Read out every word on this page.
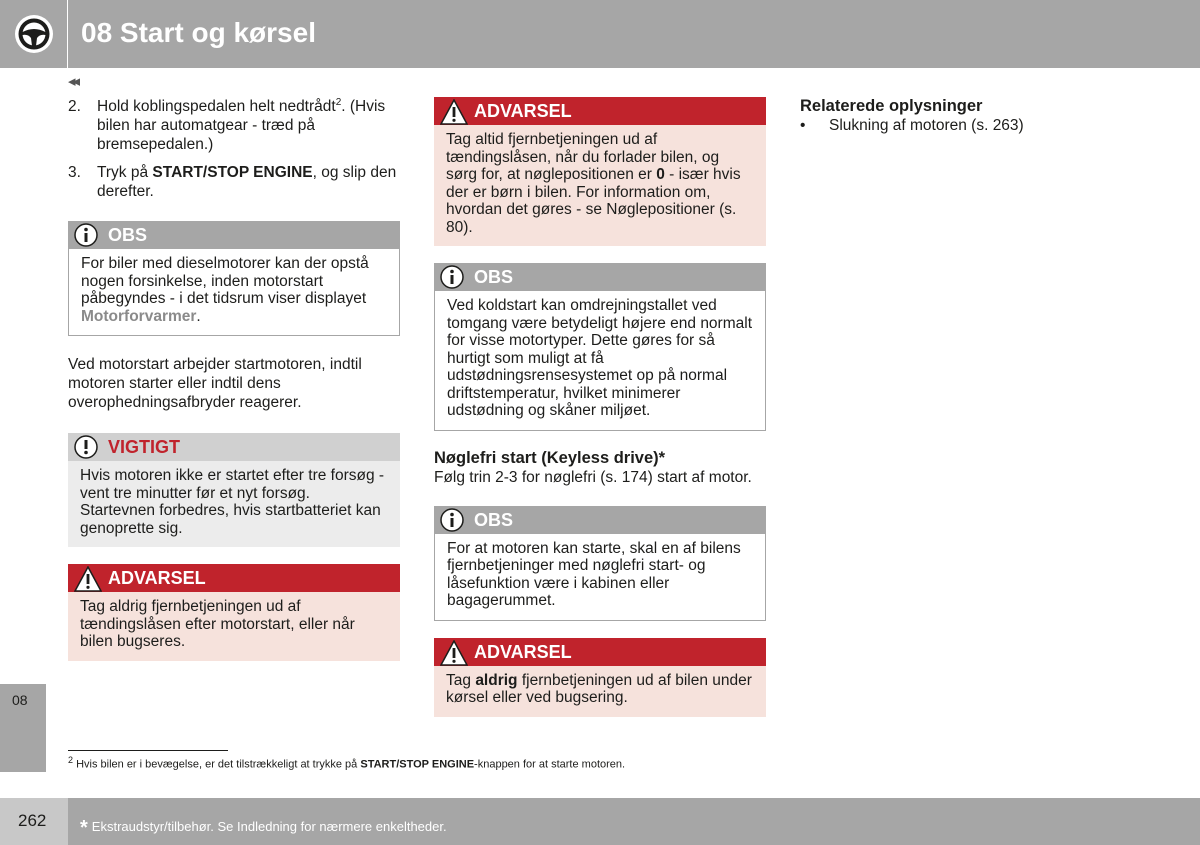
08 Start og kørsel
◂◂
08
2. Hold koblingspedalen helt nedtrådt$^2$. (Hvis bilen har automatgear - træd på bremsepedalen.)
3. Tryk på START/STOP ENGINE, og slip den derefter.
OBS
For biler med dieselmotorer kan der opstå nogen forsinkelse, inden motorstart påbegyndes - i det tidsrum viser displayet Motorforvarmer.

Ved motorstart arbejder startmotoren, indtil motoren starter eller indtil dens overophedningsafbryder reagerer.

VIGTIGT
Hvis motoren ikke er startet efter tre forsøg - vent tre minutter før et nyt forsøg. Startevnen forbedres, hvis startbatteriet kan genoprette sig.
ADVARSEL
Tag aldrig fjernbetjeningen ud af tændingslåsen efter motorstart, eller når bilen bugseres.
ADVARSEL
Tag altid fjernbetjeningen ud af tændingslåsen, når du forlader bilen, og sørg for, at nøglepositionen er 0 - især hvis der er børn i bilen. For information om, hvordan det gøres - se Nøglepositioner (s. 80).
OBS
Ved koldstart kan omdrejningstallet ved tomgang være betydeligt højere end normalt for visse motortyper. Dette gøres for så hurtigt som muligt at få udstødningsrensesystemet op på normal driftstemperatur, hvilket minimerer udstødning og skåner miljøet.
Nøglefri start (Keyless drive)*

Følg trin 2-3 for nøglefri (s. 174) start af motor.

OBS
For at motoren kan starte, skal en af bilens fjernbetjeninger med nøglefri start- og låsefunktion være i kabinen eller bagagerummet.
ADVARSEL
Tag aldrig fjernbetjeningen ud af bilen under kørsel eller ved bugsering.
Relaterede oplysninger
• Slukning af motoren (s. 263)
$^2$ Hvis bilen er i bevægelse, er det tilstrækkeligt at trykke på START/STOP ENGINE-knappen for at starte motoren.
262 * Ekstraudstyr/tilbehør. Se Indledning for nærmere enkeltheder.
